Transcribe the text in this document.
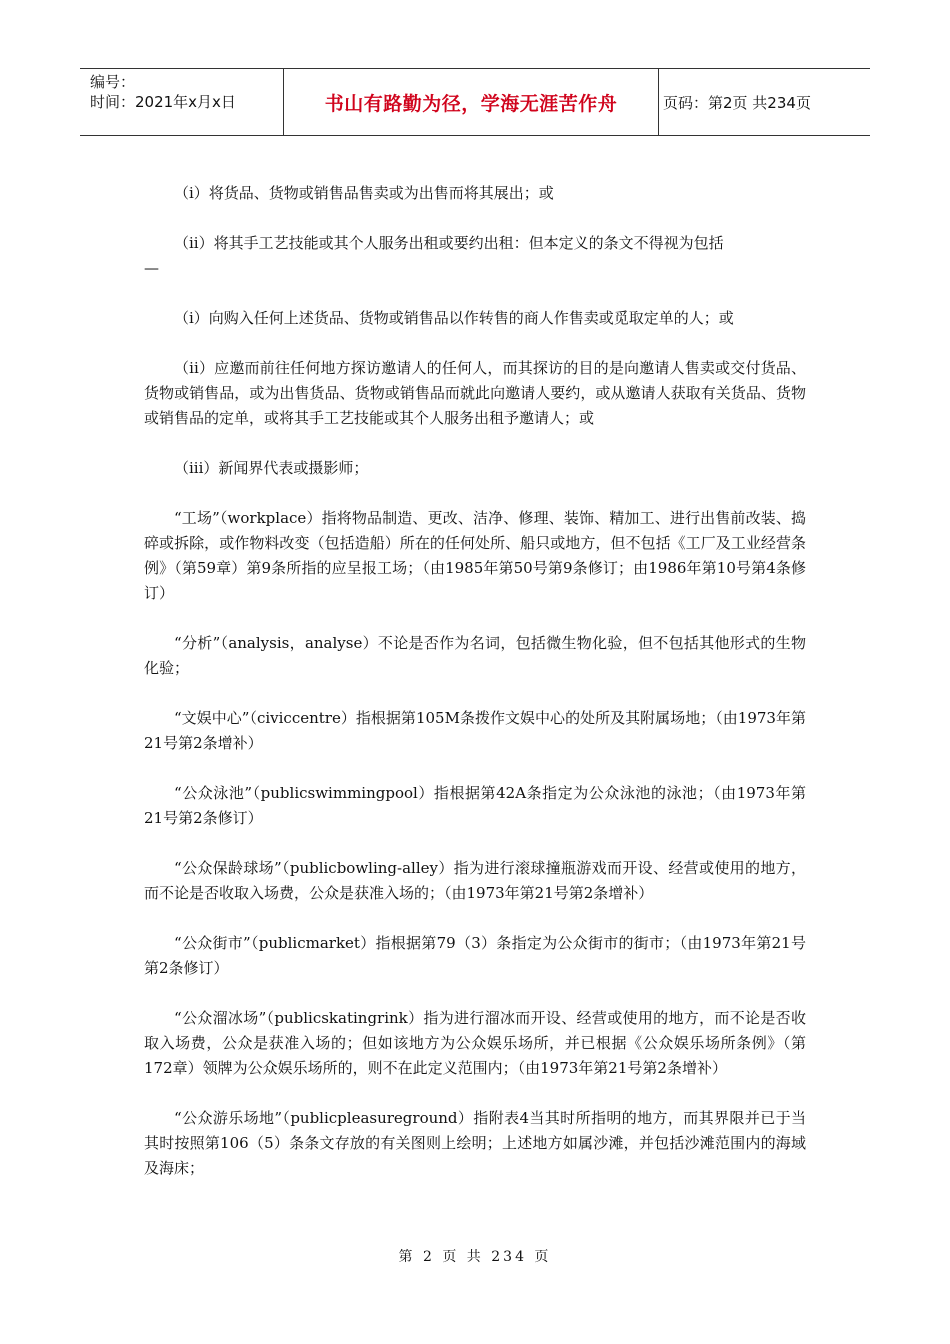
编号：
时间：2021年x月x日	书山有路勤为径，学海无涯苦作舟	页码：第2页 共234页

（i）将货品、货物或销售品售卖或为出售而将其展出；或

（ii）将其手工艺技能或其个人服务出租或要约出租：但本定义的条文不得视为包括
—

（i）向购入任何上述货品、货物或销售品以作转售的商人作售卖或觅取定单的人；或

（ii）应邀而前往任何地方探访邀请人的任何人，而其探访的目的是向邀请人售卖或交付货品、货物或销售品，或为出售货品、货物或销售品而就此向邀请人要约，或从邀请人获取有关货品、货物或销售品的定单，或将其手工艺技能或其个人服务出租予邀请人；或

（iii）新闻界代表或摄影师；

“工场”（workplace）指将物品制造、更改、洁净、修理、装饰、精加工、进行出售前改装、捣碎或拆除，或作物料改变（包括造船）所在的任何处所、船只或地方，但不包括《工厂及工业经营条例》（第59章）第9条所指的应呈报工场；（由1985年第50号第9条修订；由1986年第10号第4条修订）

“分析”（analysis，analyse）不论是否作为名词，包括微生物化验，但不包括其他形式的生物化验；

“文娱中心”（civiccentre）指根据第105M条拨作文娱中心的处所及其附属场地；（由1973年第21号第2条增补）

“公众泳池”（publicswimmingpool）指根据第42A条指定为公众泳池的泳池；（由1973年第21号第2条修订）

“公众保龄球场”（publicbowling-alley）指为进行滚球撞瓶游戏而开设、经营或使用的地方，而不论是否收取入场费，公众是获准入场的；（由1973年第21号第2条增补）

“公众街市”（publicmarket）指根据第79（3）条指定为公众街市的街市；（由1973年第21号第2条修订）

“公众溜冰场”（publicskatingrink）指为进行溜冰而开设、经营或使用的地方，而不论是否收取入场费，公众是获准入场的；但如该地方为公众娱乐场所，并已根据《公众娱乐场所条例》（第172章）领牌为公众娱乐场所的，则不在此定义范围内；（由1973年第21号第2条增补）

“公众游乐场地”（publicpleasureground）指附表4当其时所指明的地方，而其界限并已于当其时按照第106（5）条条文存放的有关图则上绘明；上述地方如属沙滩，并包括沙滩范围内的海域及海床；

第 2 页 共 234 页
